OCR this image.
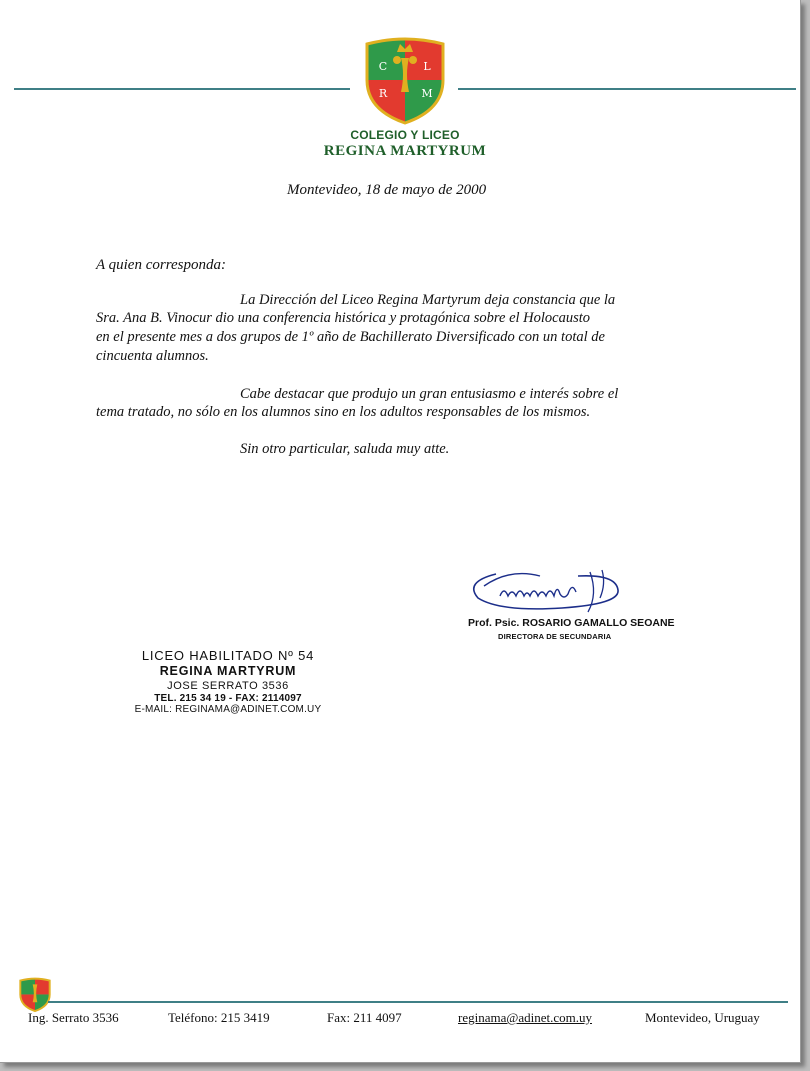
C	L
R	M
COLEGIO Y LICEO
REGINA MARTYRUM
Montevideo, 18 de mayo de 2000
A quien corresponda:
La Dirección del Liceo Regina Martyrum deja constancia que la
Sra. Ana B. Vinocur dio una conferencia histórica y protagónica sobre el Holocausto
en el presente mes a dos grupos de 1º año de Bachillerato Diversificado con un total de
cincuenta alumnos.
Cabe destacar que produjo un gran entusiasmo e interés sobre el
tema tratado, no sólo en los alumnos sino en los adultos responsables de los mismos.
Sin otro particular, saluda muy atte.
Prof. Psic. ROSARIO GAMALLO SEOANE
DIRECTORA DE SECUNDARIA
LICEO HABILITADO Nº 54
REGINA MARTYRUM
JOSE SERRATO 3536
TEL. 215 34 19 - FAX: 2114097
E-MAIL: REGINAMA@ADINET.COM.UY
Ing. Serrato 3536	Teléfono: 215 3419	Fax: 211 4097	reginama@adinet.com.uy	Montevideo, Uruguay
